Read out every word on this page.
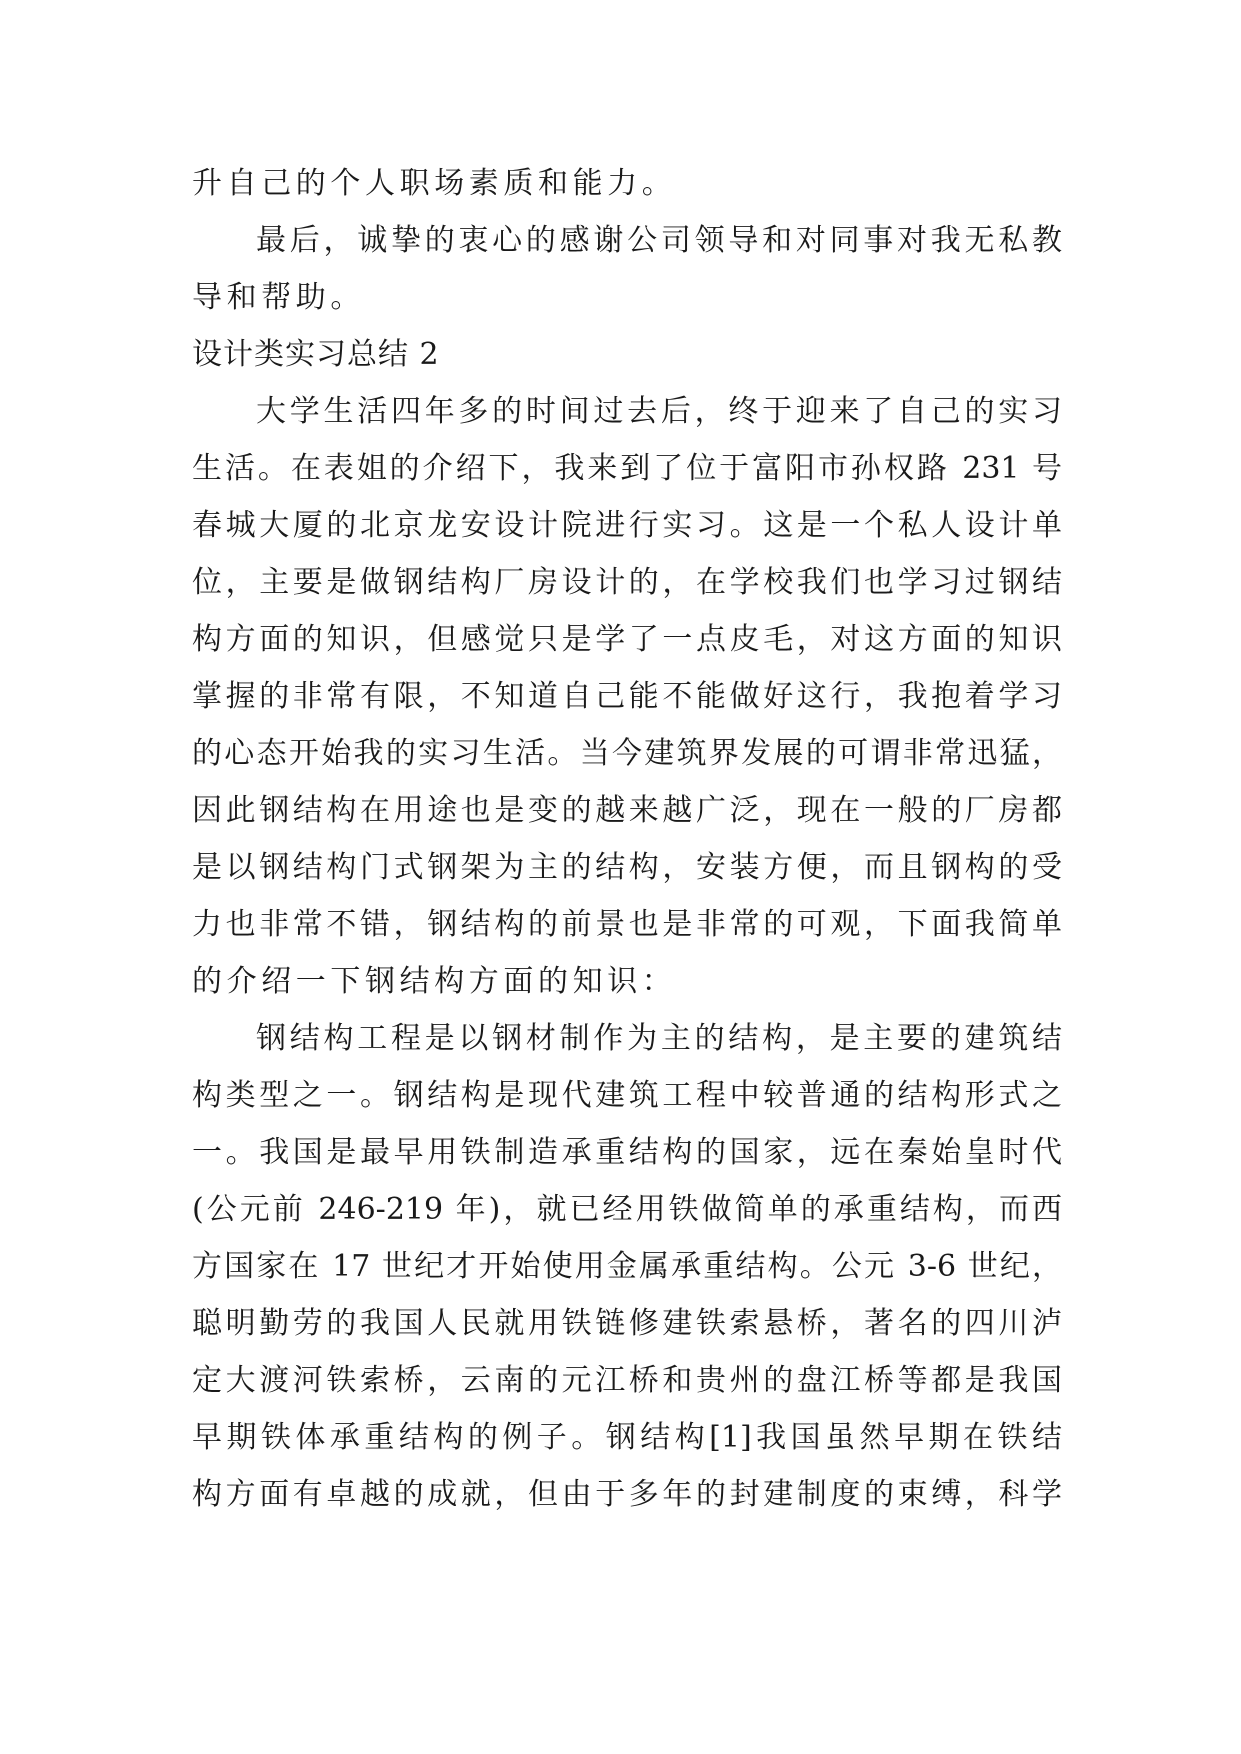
升自己的个人职场素质和能力。
最后，诚挚的衷心的感谢公司领导和对同事对我无私教
导和帮助。
设计类实习总结 2
大学生活四年多的时间过去后，终于迎来了自己的实习
生活。在表姐的介绍下，我来到了位于富阳市孙权路 231 号
春城大厦的北京龙安设计院进行实习。这是一个私人设计单
位，主要是做钢结构厂房设计的，在学校我们也学习过钢结
构方面的知识，但感觉只是学了一点皮毛，对这方面的知识
掌握的非常有限，不知道自己能不能做好这行，我抱着学习
的心态开始我的实习生活。当今建筑界发展的可谓非常迅猛，
因此钢结构在用途也是变的越来越广泛，现在一般的厂房都
是以钢结构门式钢架为主的结构，安装方便，而且钢构的受
力也非常不错，钢结构的前景也是非常的可观，下面我简单
的介绍一下钢结构方面的知识：
钢结构工程是以钢材制作为主的结构，是主要的建筑结
构类型之一。钢结构是现代建筑工程中较普通的结构形式之
一。我国是最早用铁制造承重结构的国家，远在秦始皇时代
(公元前 246-219 年)，就已经用铁做简单的承重结构，而西
方国家在 17 世纪才开始使用金属承重结构。公元 3-6 世纪，
聪明勤劳的我国人民就用铁链修建铁索悬桥，著名的四川泸
定大渡河铁索桥，云南的元江桥和贵州的盘江桥等都是我国
早期铁体承重结构的例子。钢结构[1]我国虽然早期在铁结
构方面有卓越的成就，但由于多年的封建制度的束缚，科学
